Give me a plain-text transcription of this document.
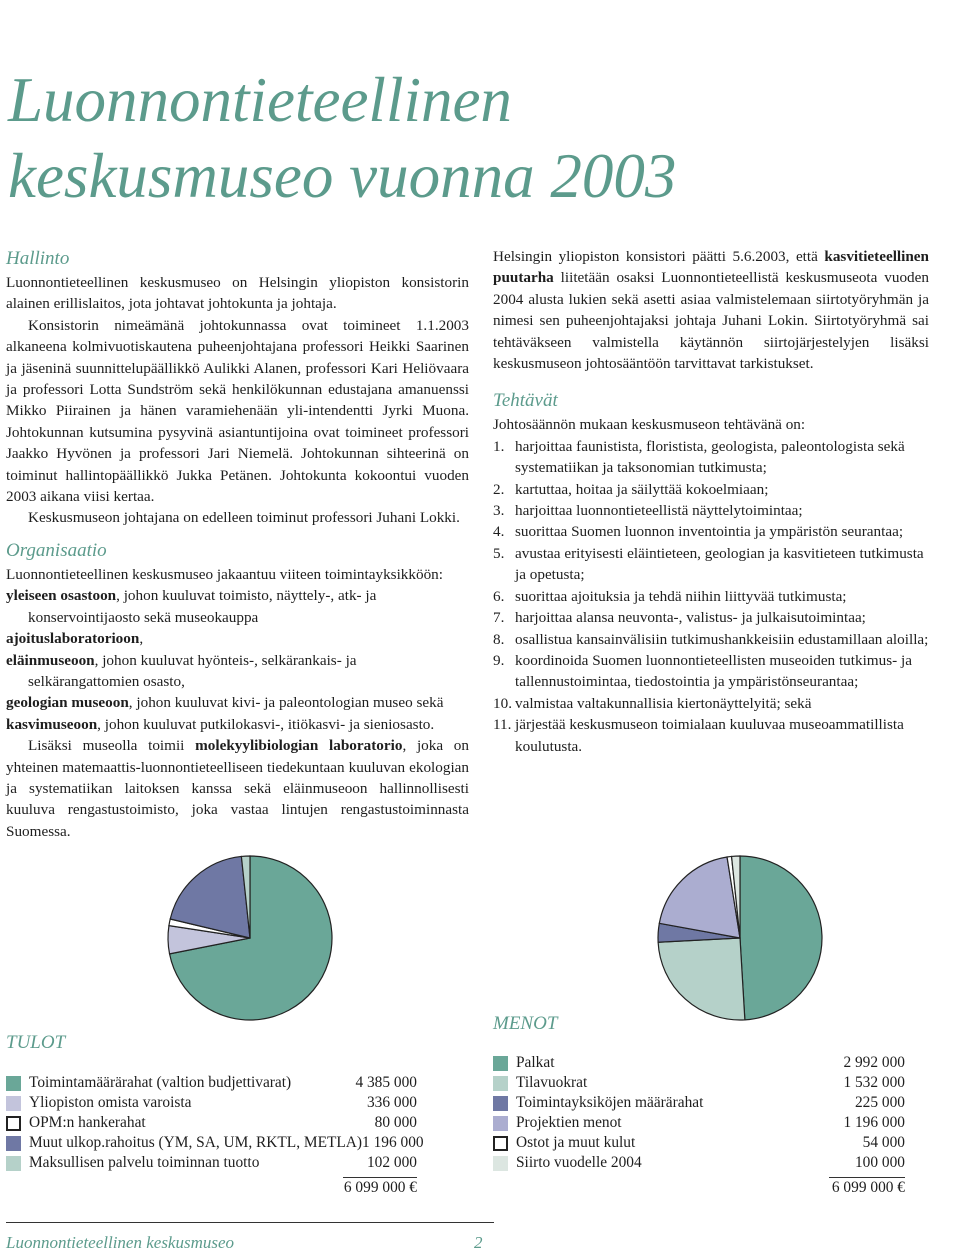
Luonnontieteellinen
keskusmuseo vuonna 2003
Hallinto

Luonnontieteellinen keskusmuseo on Helsingin yliopiston konsistorin alainen erillislaitos, jota johtavat johtokunta ja johtaja.

Konsistorin nimeämänä johtokunnassa ovat toimineet 1.1.2003 alkaneena kolmivuotiskautena puheenjohtajana professori Heikki Saarinen ja jäseninä suunnittelupäällikkö Aulikki Alanen, professori Kari Heliövaara ja professori Lotta Sundström sekä henkilökunnan edustajana amanuenssi Mikko Piirainen ja hänen varamiehenään yli-intendentti Jyrki Muona. Johtokunnan kutsumina pysyvinä asiantuntijoina ovat toimineet professori Jaakko Hyvönen ja professori Jari Niemelä. Johtokunnan sihteerinä on toiminut hallintopäällikkö Jukka Petänen. Johtokunta kokoontui vuoden 2003 aikana viisi kertaa.

Keskusmuseon johtajana on edelleen toiminut professori Juhani Lokki.

Organisaatio

Luonnontieteellinen keskusmuseo jakaantuu viiteen toimintayksikköön:

yleiseen osastoon, johon kuuluvat toimisto, näyttely-, atk- ja konservointijaosto sekä museokauppa

ajoituslaboratorioon,

eläinmuseoon, johon kuuluvat hyönteis-, selkärankais- ja selkärangattomien osasto,

geologian museoon, johon kuuluvat kivi- ja paleontologian museo sekä

kasvimuseoon, johon kuuluvat putkilokasvi-, itiökasvi- ja sieniosasto.

Lisäksi museolla toimii molekyylibiologian laboratorio, joka on yhteinen matemaattis-luonnontieteelliseen tiedekuntaan kuuluvan ekologian ja systematiikan laitoksen kanssa sekä eläinmuseoon hallinnollisesti kuuluva rengastustoimisto, joka vastaa lintujen rengastustoiminnasta Suomessa.

Helsingin yliopiston konsistori päätti 5.6.2003, että kasvitieteellinen puutarha liitetään osaksi Luonnontieteellistä keskusmuseota vuoden 2004 alusta lukien sekä asetti asiaa valmistelemaan siirtotyöryhmän ja nimesi sen puheenjohtajaksi johtaja Juhani Lokin. Siirtotyöryhmä sai tehtäväkseen valmistella käytännön siirtojärjestelyjen lisäksi keskusmuseon johtosääntöön tarvittavat tarkistukset.

Tehtävät

Johtosäännön mukaan keskusmuseon tehtävänä on:

1. harjoittaa faunistista, floristista, geologista, paleontologista sekä systematiikan ja taksonomian tutkimusta;
2. kartuttaa, hoitaa ja säilyttää kokoelmiaan;
3. harjoittaa luonnontieteellistä näyttelytoimintaa;
4. suorittaa Suomen luonnon inventointia ja ympäristön seurantaa;
5. avustaa erityisesti eläintieteen, geologian ja kasvitieteen tutkimusta ja opetusta;
6. suorittaa ajoituksia ja tehdä niihin liittyvää tutkimusta;
7. harjoittaa alansa neuvonta-, valistus- ja julkaisutoimintaa;
8. osallistua kansainvälisiin tutkimushankkeisiin edustamillaan aloilla;
9. koordinoida Suomen luonnontieteellisten museoiden tutkimus- ja tallennustoimintaa, tiedostointia ja ympäristönseurantaa;
10. valmistaa valtakunnallisia kiertonäyttelyitä; sekä
11. järjestää keskusmuseon toimialaan kuuluvaa museoammatillista koulutusta.
TULOT
Toimintamäärärahat (valtion budjettivarat)	4 385 000
Yliopiston omista varoista	336 000
OPM:n hankerahat	80 000
Muut ulkop.rahoitus (YM, SA, UM, RKTL, METLA) 1 196 000
Maksullisen palvelu toiminnan tuotto	102 000
6 099 000 €
MENOT
Palkat	2 992 000
Tilavuokrat	1 532 000
Toimintayksiköjen määrärahat	225 000
Projektien menot	1 196 000
Ostot ja muut kulut	54 000
Siirto vuodelle 2004	100 000
6 099 000 €
Luonnontieteellinen keskusmuseo	2
